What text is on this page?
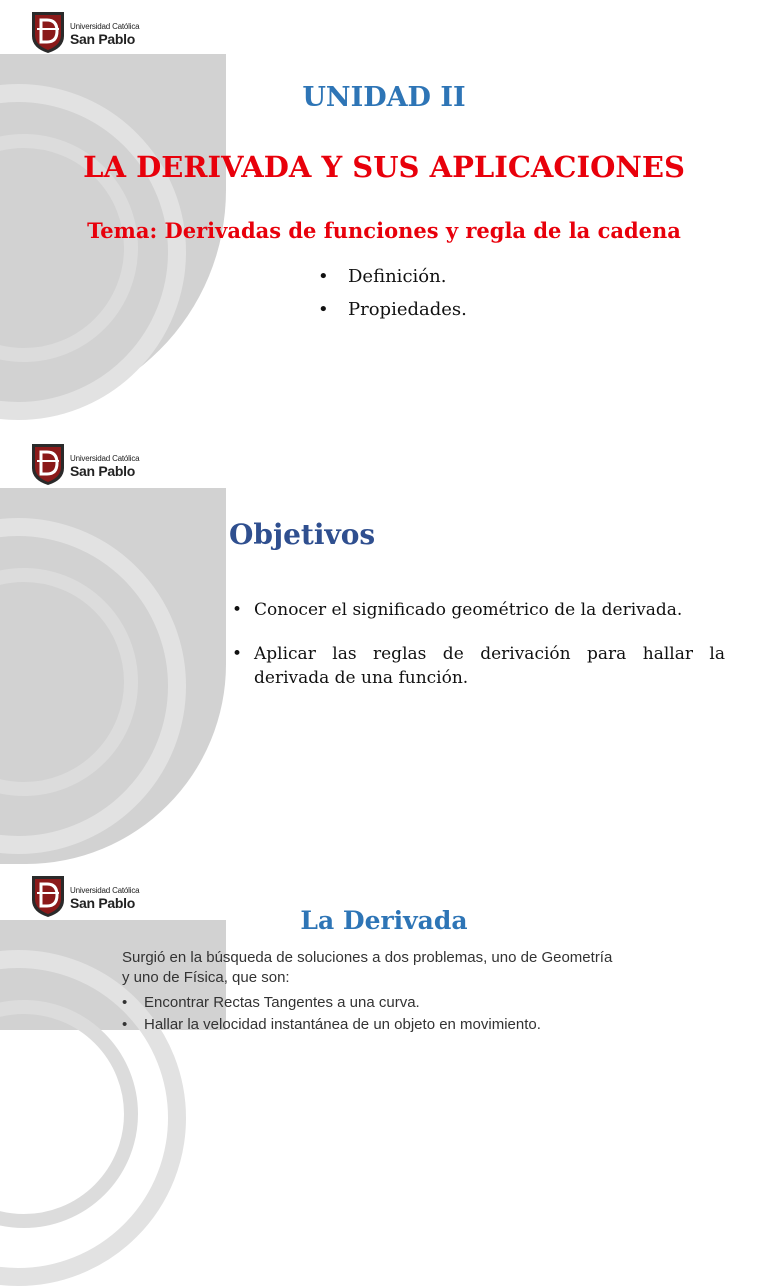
Universidad Católica
San Pablo
UNIDAD II
LA DERIVADA Y SUS APLICACIONES
Tema: Derivadas de funciones y regla de la cadena
• Definición.
• Propiedades.
Universidad Católica
San Pablo
Objetivos
• Conocer el significado geométrico de la derivada.
• Aplicar las reglas de derivación para hallar la derivada de una función.
Universidad Católica
San Pablo
La Derivada
Surgió en la búsqueda de soluciones a dos problemas, uno de Geometría y uno de Física, que son:
• Encontrar Rectas Tangentes a una curva.
• Hallar la velocidad instantánea de un objeto en movimiento.
